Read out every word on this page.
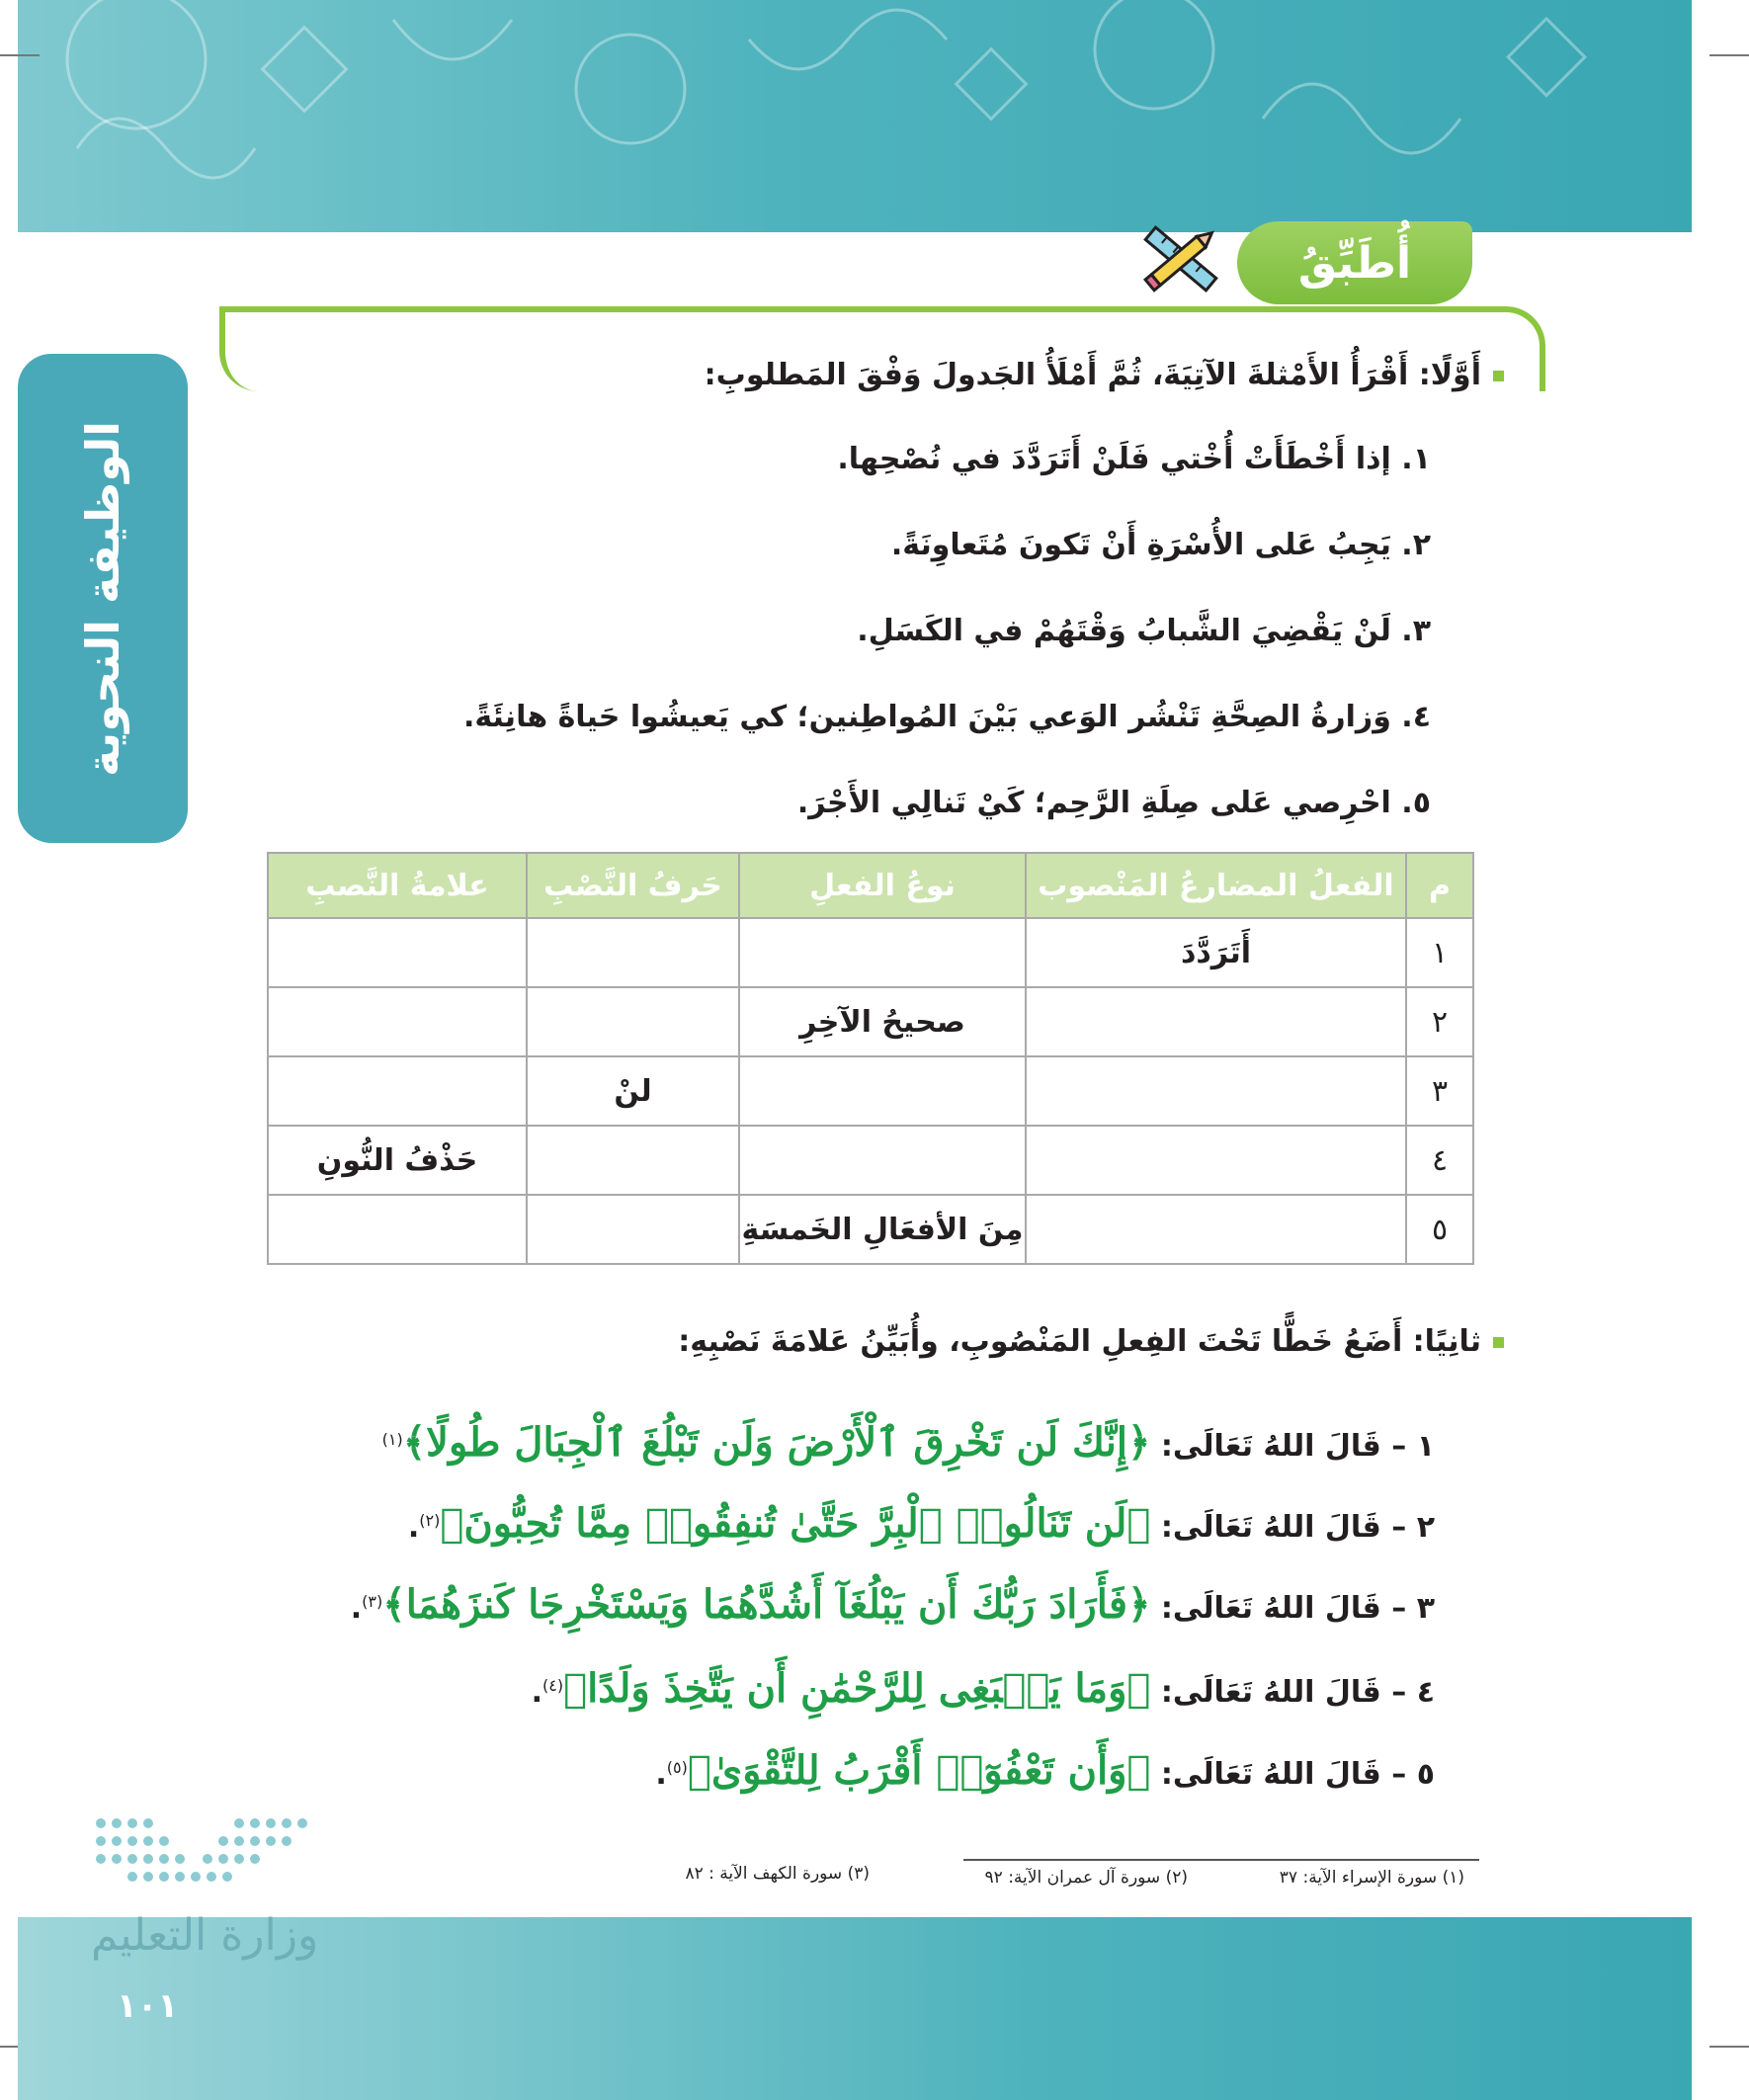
الوظيفة النحوية
أُطَبِّقُ
أَوَّلًا: أَقْرَأُ الأَمْثلةَ الآتِيَةَ، ثُمَّ أَمْلَأُ الجَدولَ وَفْقَ المَطلوبِ:
١. إذا أَخْطَأَتْ أُخْتي فَلَنْ أَتَرَدَّدَ في نُصْحِها.
٢. يَجِبُ عَلى الأُسْرَةِ أَنْ تَكونَ مُتَعاوِنَةً.
٣. لَنْ يَقْضِيَ الشَّبابُ وَقْتَهُمْ في الكَسَلِ.
٤. وَزارةُ الصِحَّةِ تَنْشُر الوَعي بَيْنَ المُواطِنين؛ كي يَعيشُوا حَياةً هانِئَةً.
٥. احْرِصي عَلى صِلَةِ الرَّحِم؛ كَيْ تَنالِي الأَجْرَ.
م	الفعلُ المضارعُ المَنْصوب	نوعُ الفعلِ	حَرفُ النَّصْبِ	علامةُ النَّصبِ
١	أَتَرَدَّدَ			
٢		صحيحُ الآخِرِ		
٣			لنْ	
٤				حَذْفُ النُّونِ
٥		مِنَ الأفعَالِ الخَمسَةِ		
ثانِيًا: أَضَعُ خَطًّا تَحْتَ الفِعلِ المَنْصُوبِ، وأُبَيِّنُ عَلامَةَ نَصْبِهِ:
١ – قَالَ اللهُ تَعَالَى: ﴿إِنَّكَ لَن تَخْرِقَ ٱلْأَرْضَ وَلَن تَبْلُغَ ٱلْجِبَالَ طُولًا﴾$^{(١)}$
٢ – قَالَ اللهُ تَعَالَى: ﴿لَن تَنَالُوا۟ ٱلْبِرَّ حَتَّىٰ تُنفِقُوا۟ مِمَّا تُحِبُّونَ﴾$^{(٢)}$.
٣ – قَالَ اللهُ تَعَالَى: ﴿فَأَرَادَ رَبُّكَ أَن يَبْلُغَآ أَشُدَّهُمَا وَيَسْتَخْرِجَا كَنزَهُمَا﴾$^{(٣)}$.
٤ – قَالَ اللهُ تَعَالَى: ﴿وَمَا يَنۢبَغِى لِلرَّحْمَٰنِ أَن يَتَّخِذَ وَلَدًا﴾$^{(٤)}$.
٥ – قَالَ اللهُ تَعَالَى: ﴿وَأَن تَعْفُوٓا۟ أَقْرَبُ لِلتَّقْوَىٰ﴾$^{(٥)}$.
(١) سورة الإسراء الآية: ٣٧
(٢) سورة آل عمران الآية: ٩٢
(٣) سورة الكهف الآية : ٨٢
وزارة التعليم
١٠١
